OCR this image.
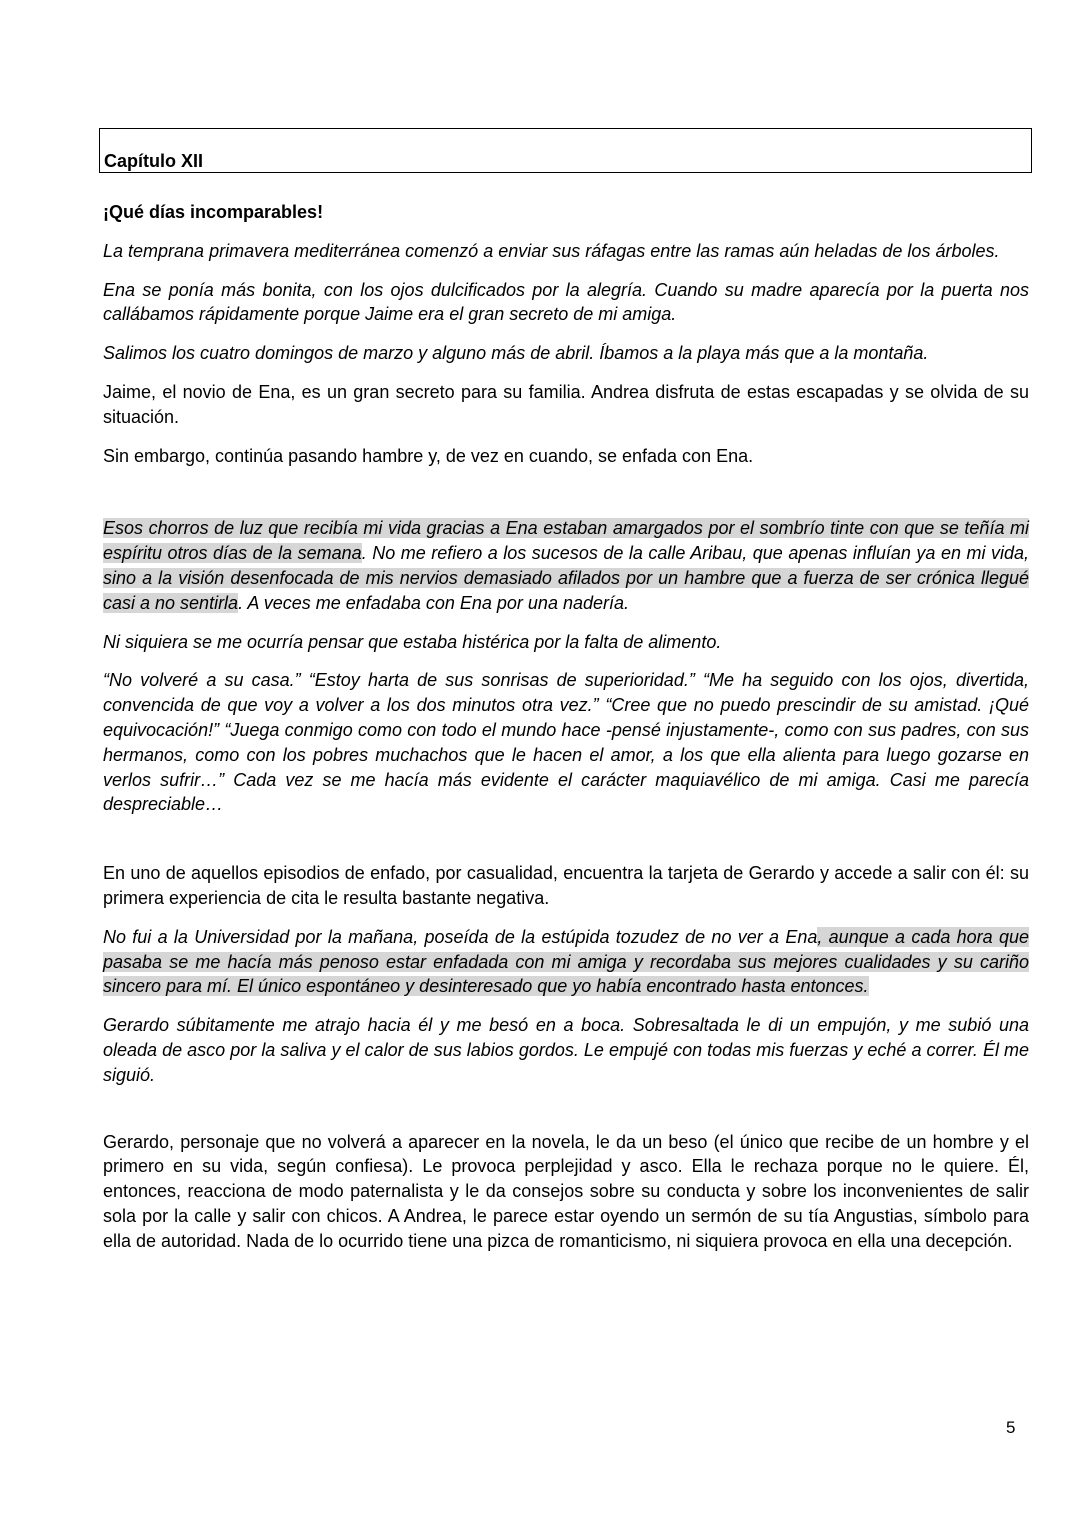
Capítulo XII

¡Qué días incomparables!

La temprana primavera mediterránea comenzó a enviar sus ráfagas entre las ramas aún heladas de los árboles.

Ena se ponía más bonita, con los ojos dulcificados por la alegría. Cuando su madre aparecía por la puerta nos callábamos rápidamente porque Jaime era el gran secreto de mi amiga.

Salimos los cuatro domingos de marzo y alguno más de abril. Íbamos a la playa más que a la montaña.

Jaime, el novio de Ena, es un gran secreto para su familia. Andrea disfruta de estas escapadas y se olvida de su situación.

Sin embargo, continúa pasando hambre y, de vez en cuando, se enfada con Ena.

Esos chorros de luz que recibía mi vida gracias a Ena estaban amargados por el sombrío tinte con que se teñía mi espíritu otros días de la semana. No me refiero a los sucesos de la calle Aribau, que apenas influían ya en mi vida, sino a la visión desenfocada de mis nervios demasiado afilados por un hambre que a fuerza de ser crónica llegué casi a no sentirla. A veces me enfadaba con Ena por una nadería.

Ni siquiera se me ocurría pensar que estaba histérica por la falta de alimento.

“No volveré a su casa.” “Estoy harta de sus sonrisas de superioridad.” “Me ha seguido con los ojos, divertida, convencida de que voy a volver a los dos minutos otra vez.” “Cree que no puedo prescindir de su amistad. ¡Qué equivocación!” “Juega conmigo como con todo el mundo hace -pensé injustamente-, como con sus padres, con sus hermanos, como con los pobres muchachos que le hacen el amor, a los que ella alienta para luego gozarse en verlos sufrir…” Cada vez se me hacía más evidente el carácter maquiavélico de mi amiga. Casi me parecía despreciable…

En uno de aquellos episodios de enfado, por casualidad, encuentra la tarjeta de Gerardo y accede a salir con él: su primera experiencia de cita le resulta bastante negativa.

No fui a la Universidad por la mañana, poseída de la estúpida tozudez de no ver a Ena, aunque a cada hora que pasaba se me hacía más penoso estar enfadada con mi amiga y recordaba sus mejores cualidades y su cariño sincero para mí. El único espontáneo y desinteresado que yo había encontrado hasta entonces.

Gerardo súbitamente me atrajo hacia él y me besó en a boca. Sobresaltada le di un empujón, y me subió una oleada de asco por la saliva y el calor de sus labios gordos. Le empujé con todas mis fuerzas y eché a correr. Él me siguió.

Gerardo, personaje que no volverá a aparecer en la novela, le da un beso (el único que recibe de un hombre y el primero en su vida, según confiesa). Le provoca perplejidad y asco. Ella le rechaza porque no le quiere. Él, entonces, reacciona de modo paternalista y le da consejos sobre su conducta y sobre los inconvenientes de salir sola por la calle y salir con chicos. A Andrea, le parece estar oyendo un sermón de su tía Angustias, símbolo para ella de autoridad. Nada de lo ocurrido tiene una pizca de romanticismo, ni siquiera provoca en ella una decepción.

5
